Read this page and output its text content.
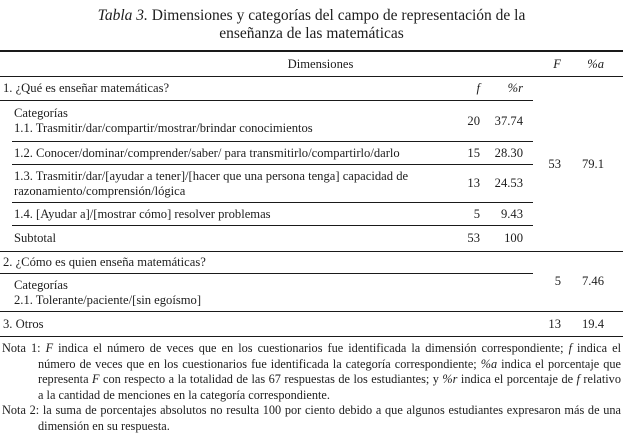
Tabla 3. Dimensiones y categorías del campo de representación de la enseñanza de las matemáticas
Dimensiones			F	%a
1. ¿Qué es enseñar matemáticas?	f	%r	53	79.1

Categorías
1.1. Trasmitir/dar/compartir/mostrar/brindar conocimientos	20	37.74		

1.2. Conocer/dominar/comprender/saber/ para transmitirlo/compartirlo/darlo	15	28.30		

1.3. Trasmitir/dar/[ayudar a tener]/[hacer que una persona tenga] capacidad de razonamiento/comprensión/lógica	13	24.53		

1.4. [Ayudar a]/[mostrar cómo] resolver problemas	5	9.43		
Subtotal	53	100		
2. ¿Cómo es quien enseña matemáticas?			5	7.46

Categorías
2.1. Tolerante/paciente/[sin egoísmo]				

3. Otros			13	19.4
Nota 1: F indica el número de veces que en los cuestionarios fue identificada la dimensión correspondiente; f indica el número de veces que en los cuestionarios fue identificada la categoría correspondiente; %a indica el porcentaje que representa F con respecto a la totalidad de las 67 respuestas de los estudiantes; y %r indica el porcentaje de f relativo a la cantidad de menciones en la categoría correspondiente.
Nota 2: la suma de porcentajes absolutos no resulta 100 por ciento debido a que algunos estudiantes expresaron más de una dimensión en su respuesta.
